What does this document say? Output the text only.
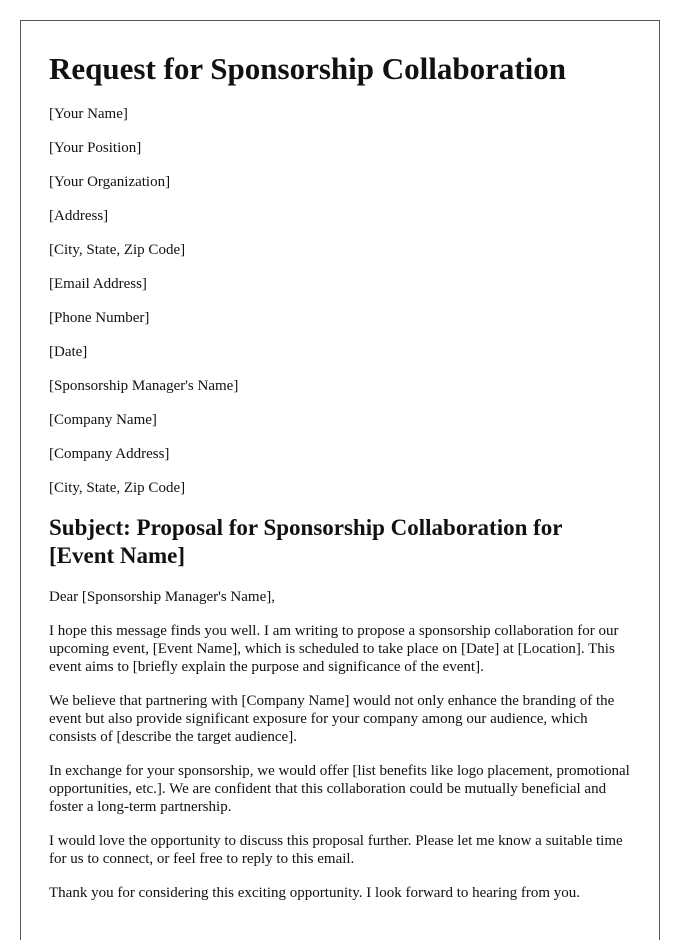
Request for Sponsorship Collaboration

[Your Name]

[Your Position]

[Your Organization]

[Address]

[City, State, Zip Code]

[Email Address]

[Phone Number]

[Date]

[Sponsorship Manager's Name]

[Company Name]

[Company Address]

[City, State, Zip Code]

Subject: Proposal for Sponsorship Collaboration for [Event Name]

Dear [Sponsorship Manager's Name],

I hope this message finds you well. I am writing to propose a sponsorship collaboration for our upcoming event, [Event Name], which is scheduled to take place on [Date] at [Location]. This event aims to [briefly explain the purpose and significance of the event].

We believe that partnering with [Company Name] would not only enhance the branding of the event but also provide significant exposure for your company among our audience, which consists of [describe the target audience].

In exchange for your sponsorship, we would offer [list benefits like logo placement, promotional opportunities, etc.]. We are confident that this collaboration could be mutually beneficial and foster a long-term partnership.

I would love the opportunity to discuss this proposal further. Please let me know a suitable time for us to connect, or feel free to reply to this email.

Thank you for considering this exciting opportunity. I look forward to hearing from you.
